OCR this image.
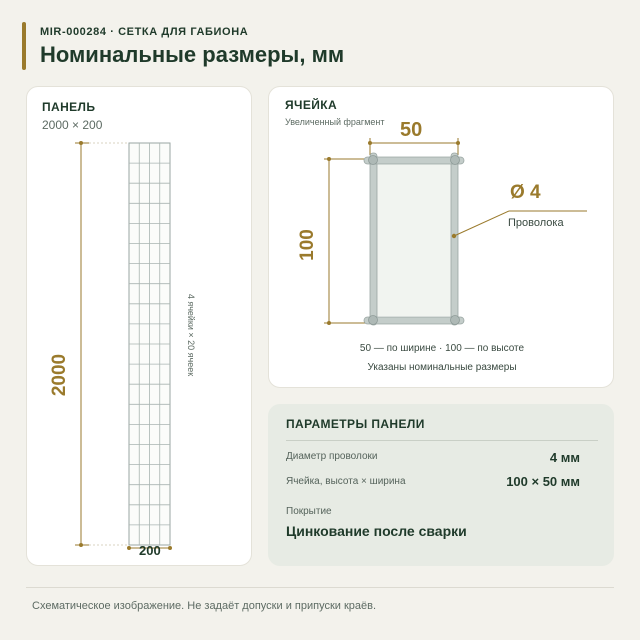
MIR-000284 · СЕТКА ДЛЯ ГАБИОНА
Номинальные размеры, мм
ПАНЕЛЬ
2000 × 200
2000
200
4 ячейки × 20 ячеек
ЯЧЕЙКА
Увеличенный фрагмент 50
100
Ø 4
Проволока
50 — по ширине · 100 — по высоте
Указаны номинальные размеры
ПАРАМЕТРЫ ПАНЕЛИ
Диаметр проволоки	4 мм
Ячейка, высота × ширина	100 × 50 мм
Покрытие
Цинкование после сварки
Схематическое изображение. Не задаёт допуски и припуски краёв.
